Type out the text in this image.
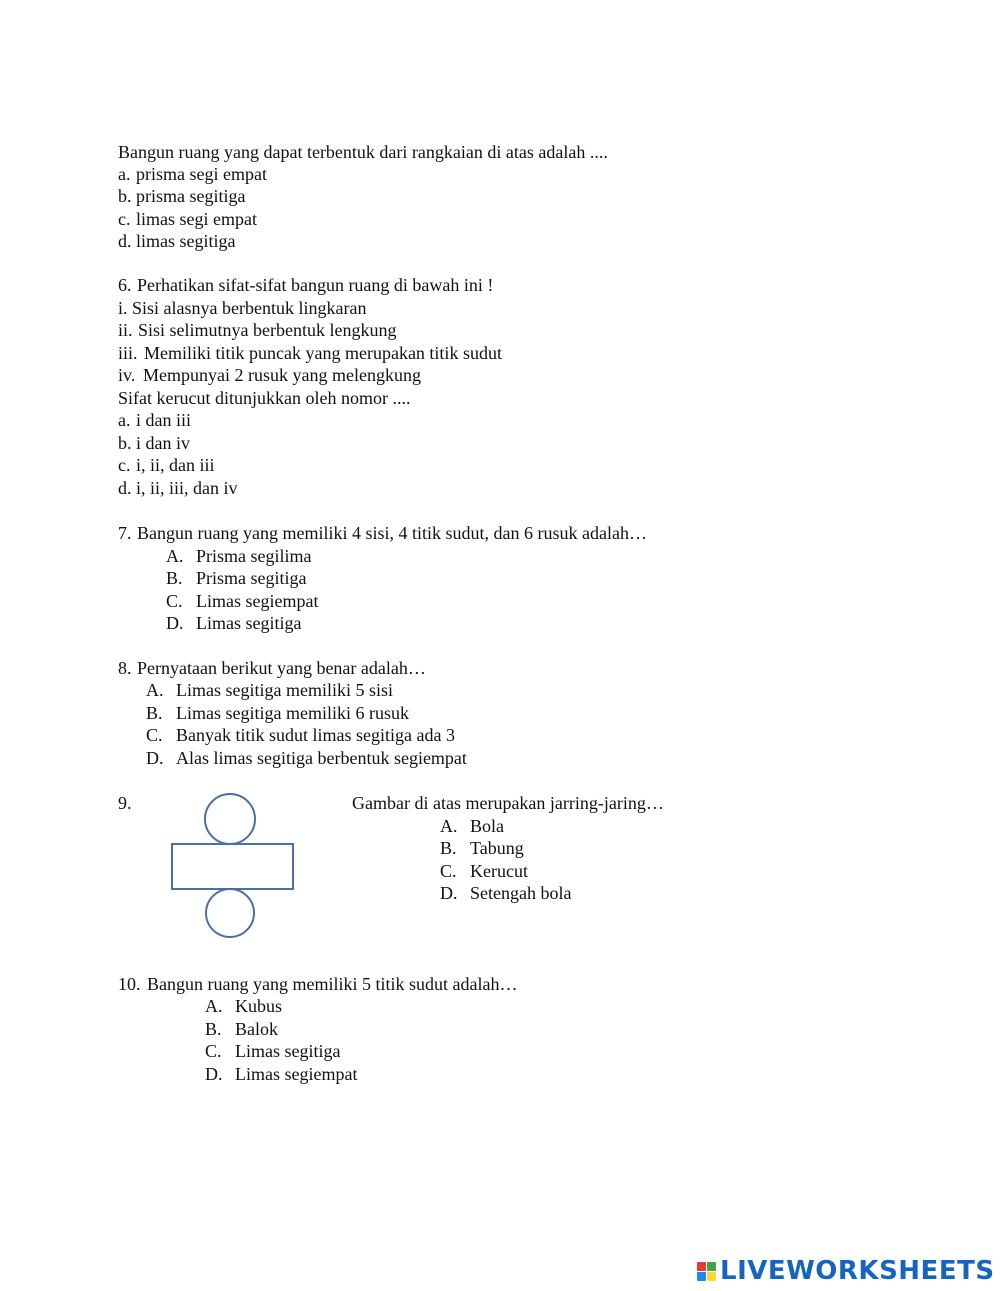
Bangun ruang yang dapat terbentuk dari rangkaian di atas adalah ....
a. prisma segi empat
b. prisma segitiga
c. limas segi empat
d. limas segitiga
6. Perhatikan sifat-sifat bangun ruang di bawah ini !
i. Sisi alasnya berbentuk lingkaran
ii. Sisi selimutnya berbentuk lengkung
iii. Memiliki titik puncak yang merupakan titik sudut
iv. Mempunyai 2 rusuk yang melengkung
Sifat kerucut ditunjukkan oleh nomor ....
a. i dan iii
b. i dan iv
c. i, ii, dan iii
d. i, ii, iii, dan iv
7. Bangun ruang yang memiliki 4 sisi, 4 titik sudut, dan 6 rusuk adalah…
A. Prisma segilima
B. Prisma segitiga
C. Limas segiempat
D. Limas segitiga
8. Pernyataan berikut yang benar adalah…
A. Limas segitiga memiliki 5 sisi
B. Limas segitiga memiliki 6 rusuk
C. Banyak titik sudut limas segitiga ada 3
D. Alas limas segitiga berbentuk segiempat
9.	Gambar di atas merupakan jarring-jaring…
A. Bola
B. Tabung
C. Kerucut
D. Setengah bola
10. Bangun ruang yang memiliki 5 titik sudut adalah…
A. Kubus
B. Balok
C. Limas segitiga
D. Limas segiempat
LIVEWORKSHEETS
